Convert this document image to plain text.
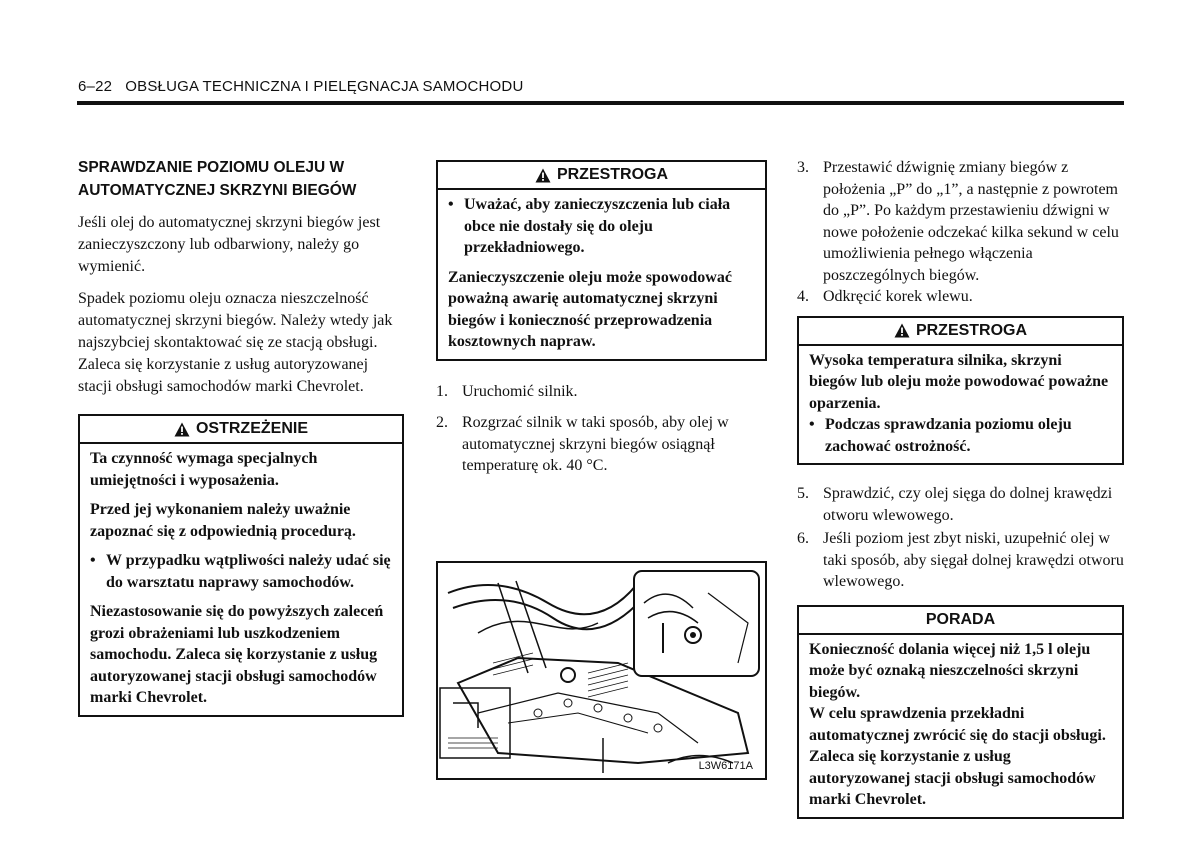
6–22 OBSŁUGA TECHNICZNA I PIELĘGNACJA SAMOCHODU
SPRAWDZANIE POZIOMU OLEJU W
AUTOMATYCZNEJ SKRZYNI BIEGÓW

Jeśli olej do automatycznej skrzyni biegów jest zanieczyszczony lub odbarwiony, należy go wymienić.

Spadek poziomu oleju oznacza nieszczelność automatycznej skrzyni biegów. Należy wtedy jak najszybciej skontaktować się ze stacją obsługi. Zaleca się korzystanie z usług autoryzowanej stacji obsługi samochodów marki Chevrolet.

OSTRZEŻENIE

Ta czynność wymaga specjalnych umiejętności i wyposażenia.

Przed jej wykonaniem należy uważnie zapoznać się z odpowiednią procedurą.

• W przypadku wątpliwości należy udać się do warsztatu naprawy samochodów.

Niezastosowanie się do powyższych zaleceń grozi obrażeniami lub uszkodzeniem samochodu. Zaleca się korzystanie z usług autoryzowanej stacji obsługi samochodów marki Chevrolet.

PRZESTROGA

• Uważać, aby zanieczyszczenia lub ciała obce nie dostały się do oleju przekładniowego.

Zanieczyszczenie oleju może spowodować poważną awarię automatycznej skrzyni biegów i konieczność przeprowadzenia kosztownych napraw.

1. Uruchomić silnik.
2. Rozgrzać silnik w taki sposób, aby olej w automatycznej skrzyni biegów osiągnął temperaturę ok. 40 °C.
L3W6171A
3. Przestawić dźwignię zmiany biegów z położenia „P” do „1”, a następnie z powrotem do „P”. Po każdym przestawieniu dźwigni w nowe położenie odczekać kilka sekund w celu umożliwienia pełnego włączenia poszczególnych biegów.
4. Odkręcić korek wlewu.
PRZESTROGA

Wysoka temperatura silnika, skrzyni biegów lub oleju może powodować poważne oparzenia.

• Podczas sprawdzania poziomu oleju zachować ostrożność.

5. Sprawdzić, czy olej sięga do dolnej krawędzi otworu wlewowego.
6. Jeśli poziom jest zbyt niski, uzupełnić olej w taki sposób, aby sięgał dolnej krawędzi otworu wlewowego.
PORADA

Konieczność dolania więcej niż 1,5 l oleju może być oznaką nieszczelności skrzyni biegów.

W celu sprawdzenia przekładni automatycznej zwrócić się do stacji obsługi. Zaleca się korzystanie z usług autoryzowanej stacji obsługi samochodów marki Chevrolet.
